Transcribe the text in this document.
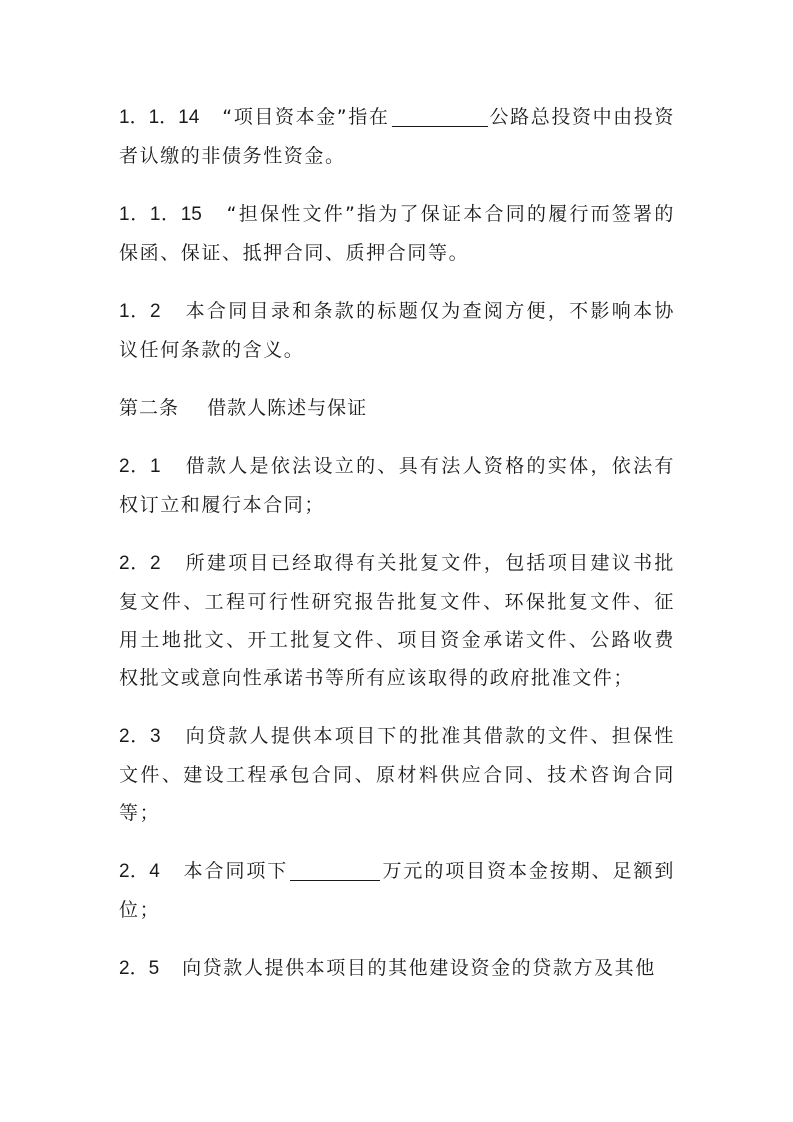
1．1．14 “项目资本金”指在	公路总投资中由投资者认缴的非债务性资金。

1．1．15 “担保性文件”指为了保证本合同的履行而签署的保函、保证、抵押合同、质押合同等。

1．2 本合同目录和条款的标题仅为查阅方便，不影响本协议任何条款的含义。

第二条    借款人陈述与保证

2．1 借款人是依法设立的、具有法人资格的实体，依法有权订立和履行本合同；

2．2 所建项目已经取得有关批复文件，包括项目建议书批复文件、工程可行性研究报告批复文件、环保批复文件、征用土地批文、开工批复文件、项目资金承诺文件、公路收费权批文或意向性承诺书等所有应该取得的政府批准文件；

2．3 向贷款人提供本项目下的批准其借款的文件、担保性文件、建设工程承包合同、原材料供应合同、技术咨询合同等；

2．4 本合同项下	万元的项目资本金按期、足额到位；

2．5 向贷款人提供本项目的其他建设资金的贷款方及其他
